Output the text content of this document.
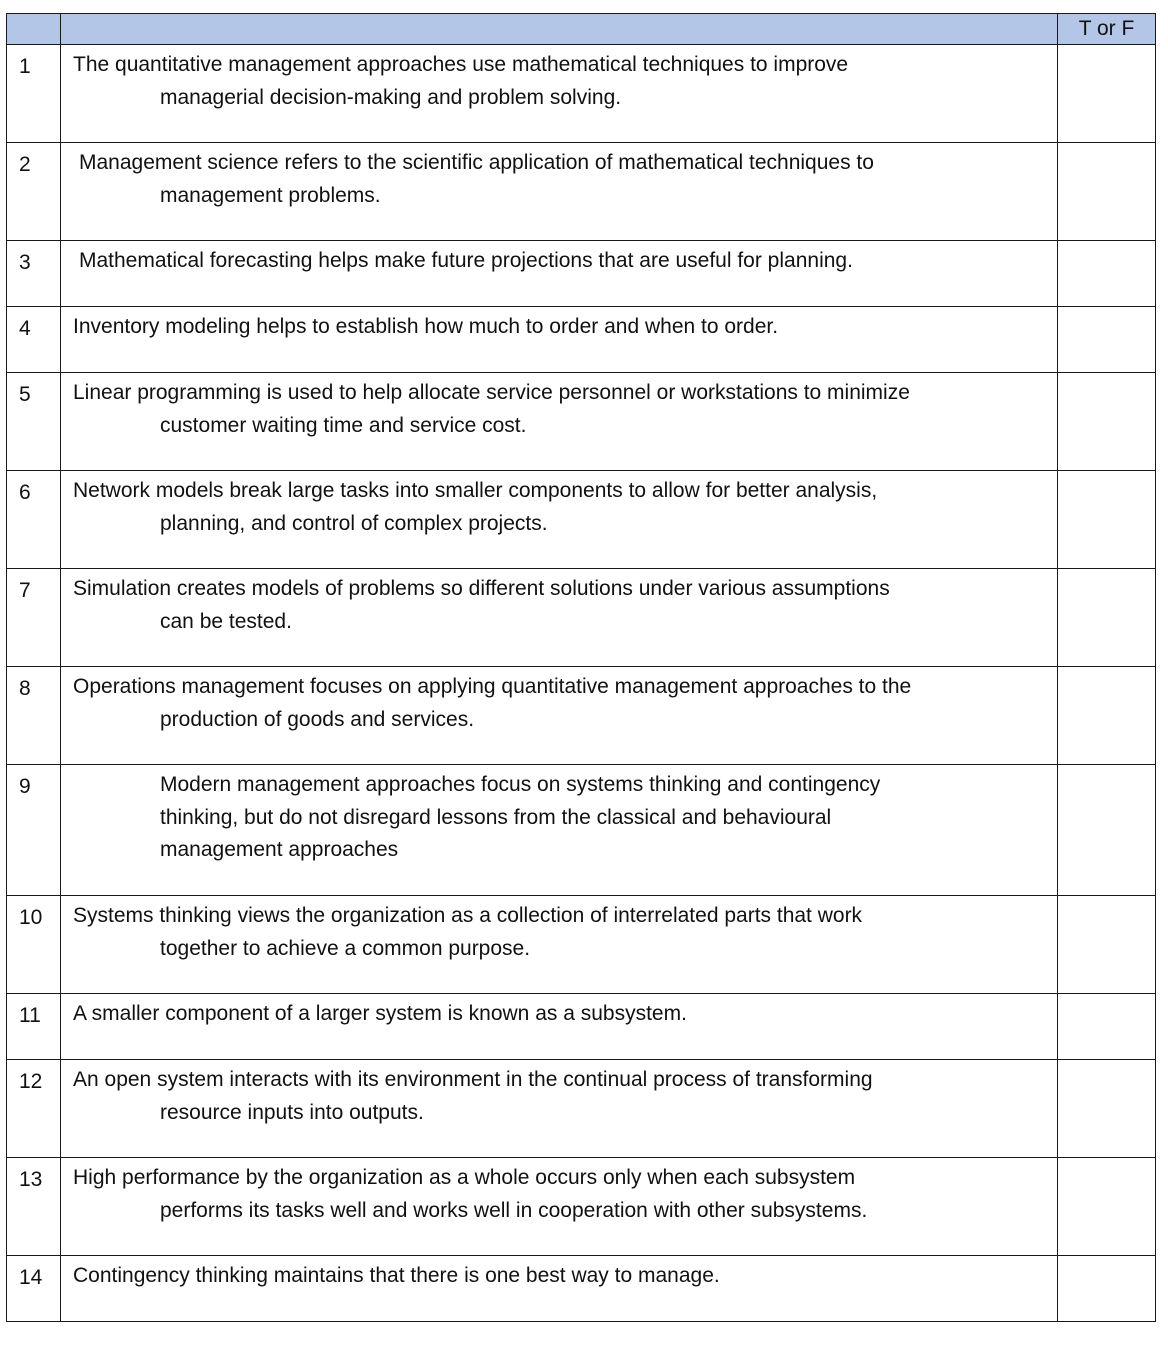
		T or F
1	The quantitative management approaches use mathematical techniques to improve
managerial decision-making and problem solving.	

2	Management science refers to the scientific application of mathematical techniques to
management problems.	

3	Mathematical forecasting helps make future projections that are useful for planning.	

4	Inventory modeling helps to establish how much to order and when to order.	

5	Linear programming is used to help allocate service personnel or workstations to minimize
customer waiting time and service cost.	

6	Network models break large tasks into smaller components to allow for better analysis,
planning, and control of complex projects.	

7	Simulation creates models of problems so different solutions under various assumptions
can be tested.	

8	Operations management focuses on applying quantitative management approaches to the
production of goods and services.	

9	Modern management approaches focus on systems thinking and contingency
thinking, but do not disregard lessons from the classical and behavioural
management approaches	

10	Systems thinking views the organization as a collection of interrelated parts that work
together to achieve a common purpose.	

11	A smaller component of a larger system is known as a subsystem.	

12	An open system interacts with its environment in the continual process of transforming
resource inputs into outputs.	

13	High performance by the organization as a whole occurs only when each subsystem
performs its tasks well and works well in cooperation with other subsystems.	

14	Contingency thinking maintains that there is one best way to manage.	
